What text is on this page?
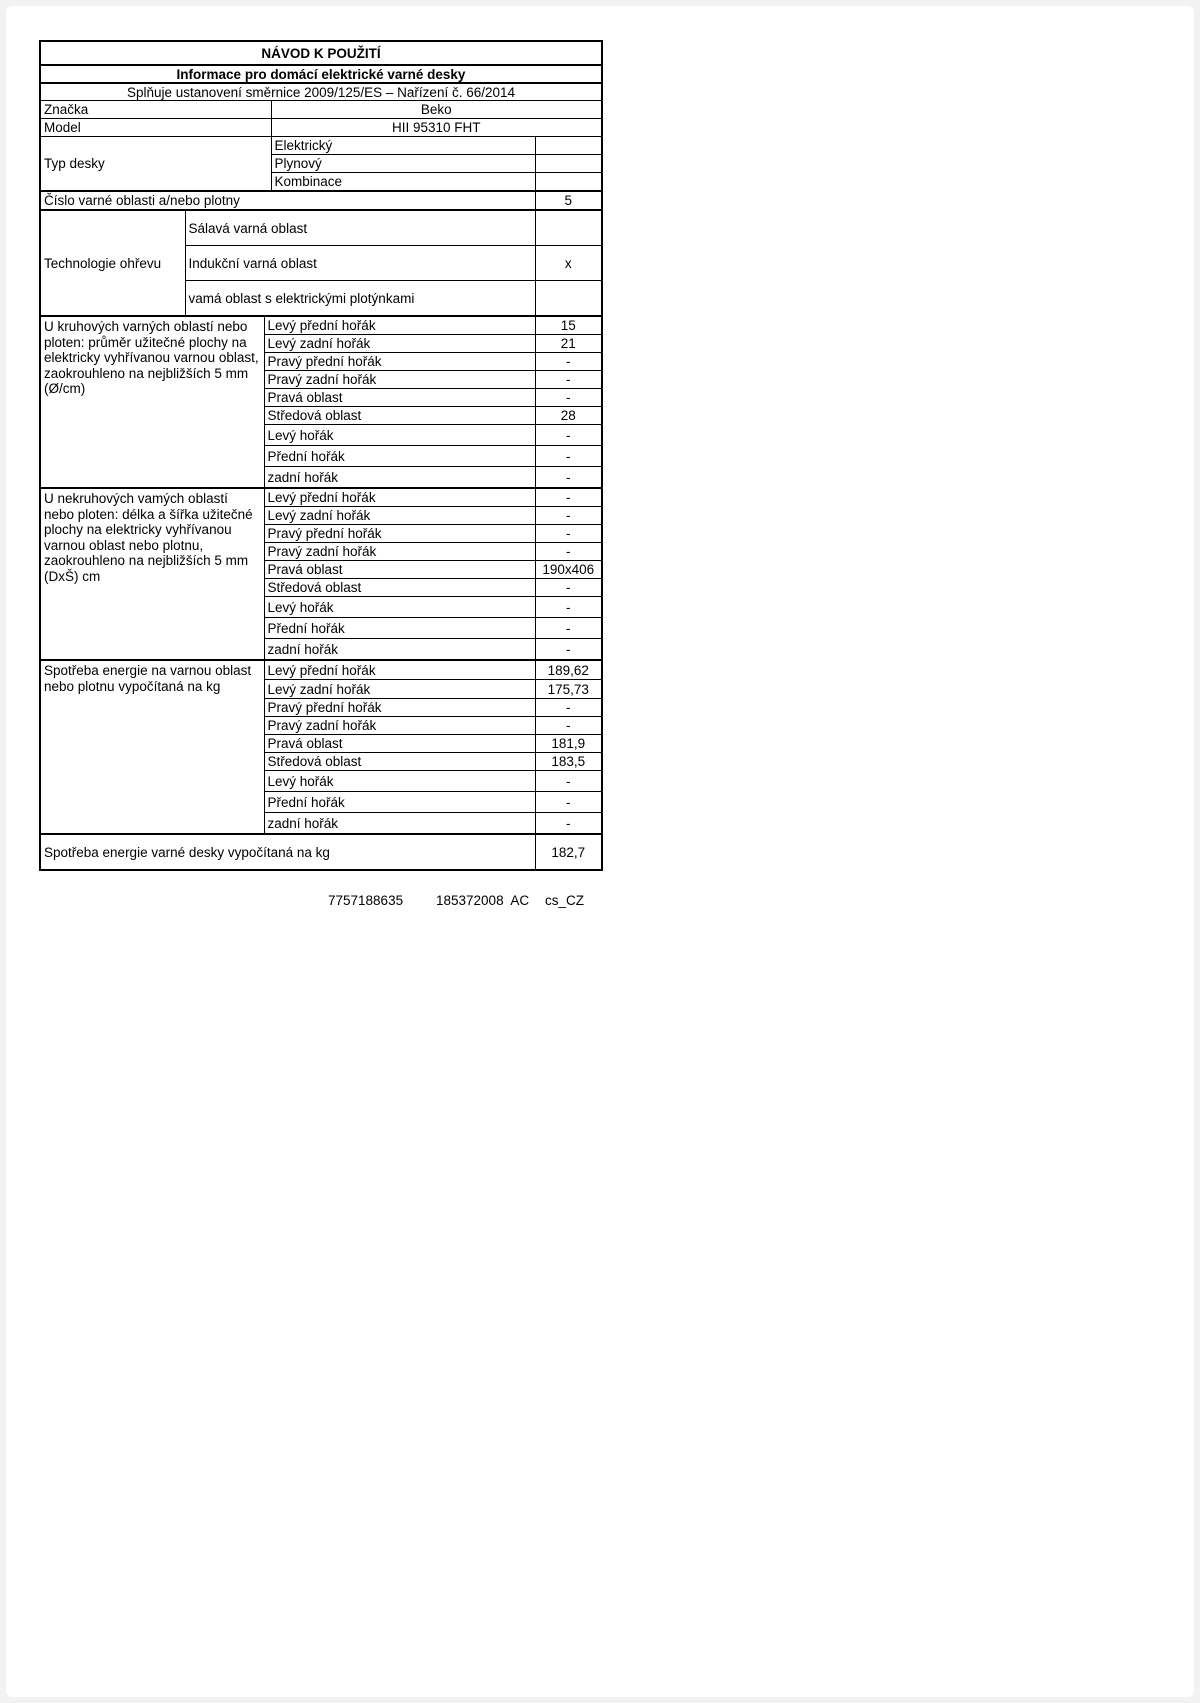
NÁVOD K POUŽITÍ				
Informace pro domácí elektrické varné desky				
Splňuje ustanovení směrnice 2009/125/ES – Nařízení č. 66/2014				
Značka			Beko	
Model			HII 95310 FHT	
Typ desky			Elektrický	
			Plynový	
			Kombinace	
Číslo varné oblasti a/nebo plotny				5
Technologie ohřevu	Sálavá varná oblast			
	Indukční varná oblast			x
	vamá oblast s elektrickými plotýnkami			
U kruhových varných oblastí nebo ploten: průměr užitečné plochy na elektricky vyhřívanou varnou oblast, zaokrouhleno na nejbližších 5 mm (Ø/cm)		Levý přední hořák		15
		Levý zadní hořák		21
		Pravý přední hořák		-
		Pravý zadní hořák		-
		Pravá oblast		-
		Středová oblast		28
		Levý hořák		-
		Přední hořák		-
		zadní hořák		-
U nekruhových vamých oblastí nebo ploten: délka a šířka užitečné plochy na elektricky vyhřívanou varnou oblast nebo plotnu, zaokrouhleno na nejbližších 5 mm (DxŠ) cm		Levý přední hořák		-
		Levý zadní hořák		-
		Pravý přední hořák		-
		Pravý zadní hořák		-
		Pravá oblast		190x406
		Středová oblast		-
		Levý hořák		-
		Přední hořák		-
		zadní hořák		-
Spotřeba energie na varnou oblast nebo plotnu vypočítaná na kg		Levý přední hořák		189,62
		Levý zadní hořák		175,73
		Pravý přední hořák		-
		Pravý zadní hořák		-
		Pravá oblast		181,9
		Středová oblast		183,5
		Levý hořák		-
		Přední hořák		-
		zadní hořák		-
Spotřeba energie varné desky vypočítaná na kg				182,7
7757188635 185372008  AC cs_CZ
